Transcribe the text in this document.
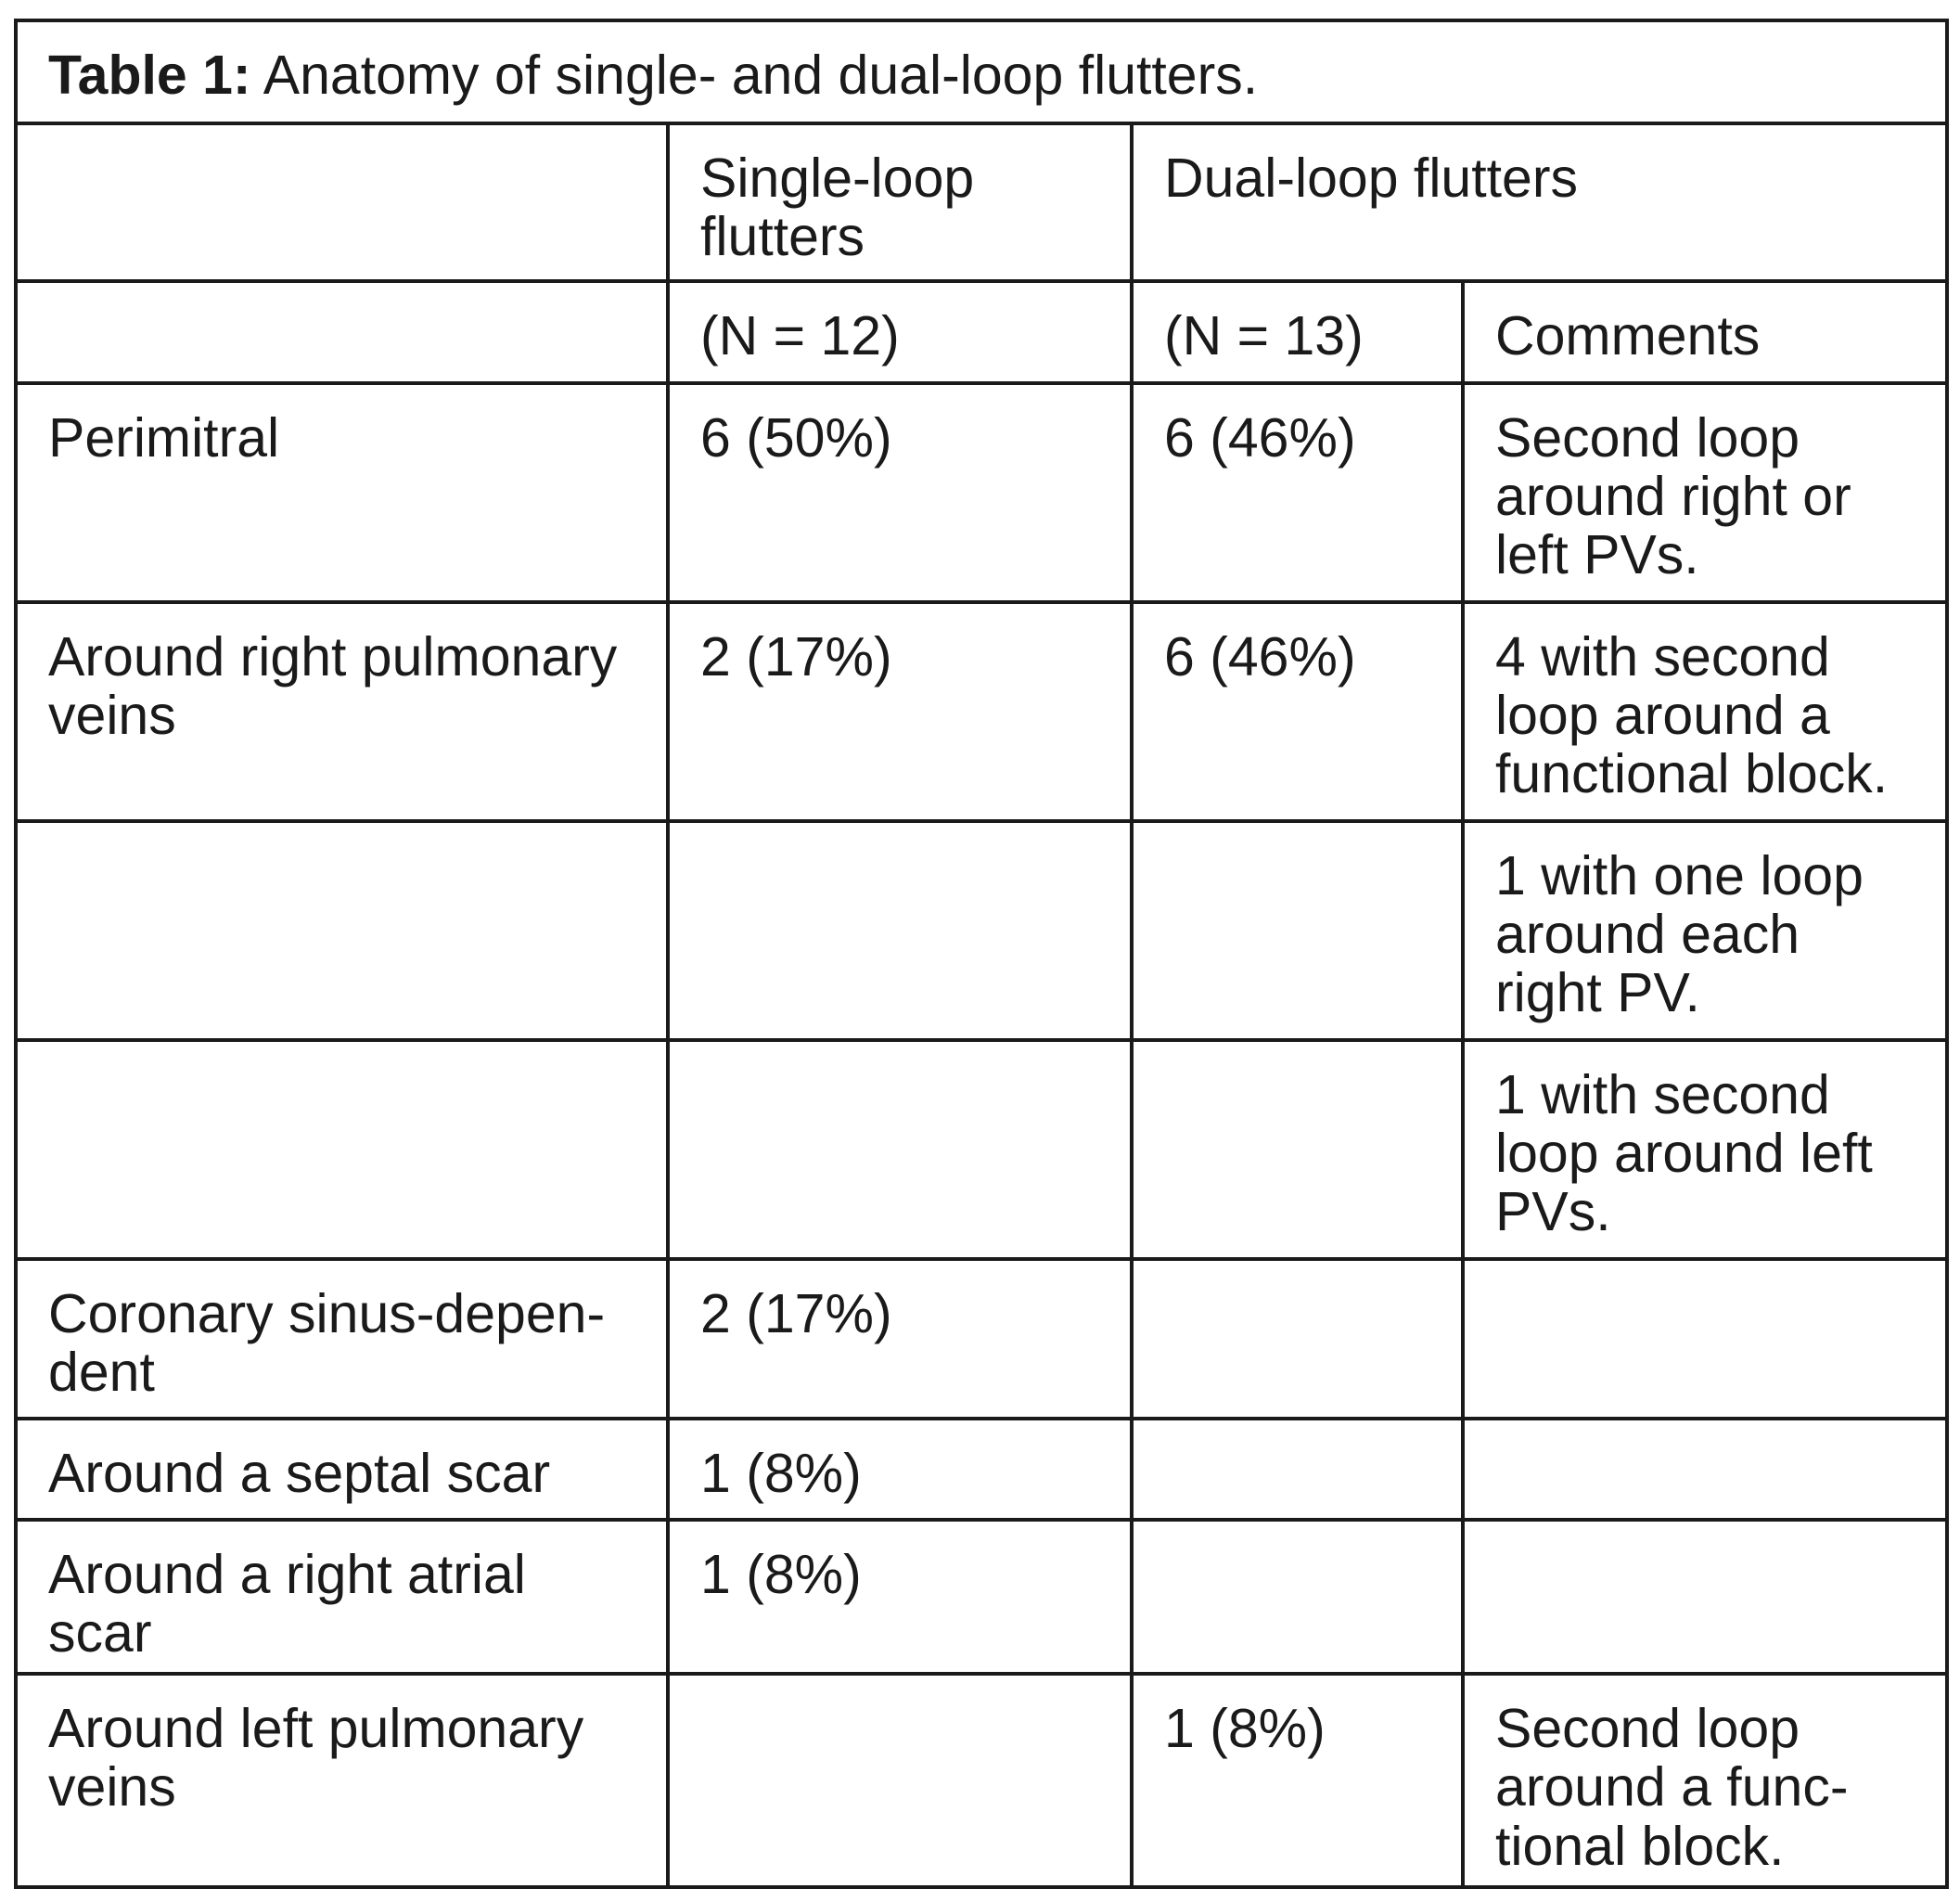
Table 1: Anatomy of single- and dual-loop flutters.			
	Single-loop flutters	Dual-loop flutters	
	(N = 12)	(N = 13)	Comments
Perimitral	6 (50%)	6 (46%)	Second loop around right or left PVs.
Around right pulmonary veins	2 (17%)	6 (46%)	4 with second loop around a functional block.
			1 with one loop around each right PV.
			1 with second loop around left PVs.
Coronary sinus-depen-dent	2 (17%)		
Around a septal scar	1 (8%)		
Around a right atrial scar	1 (8%)		
Around left pulmonary veins		1 (8%)	Second loop around a func-tional block.
